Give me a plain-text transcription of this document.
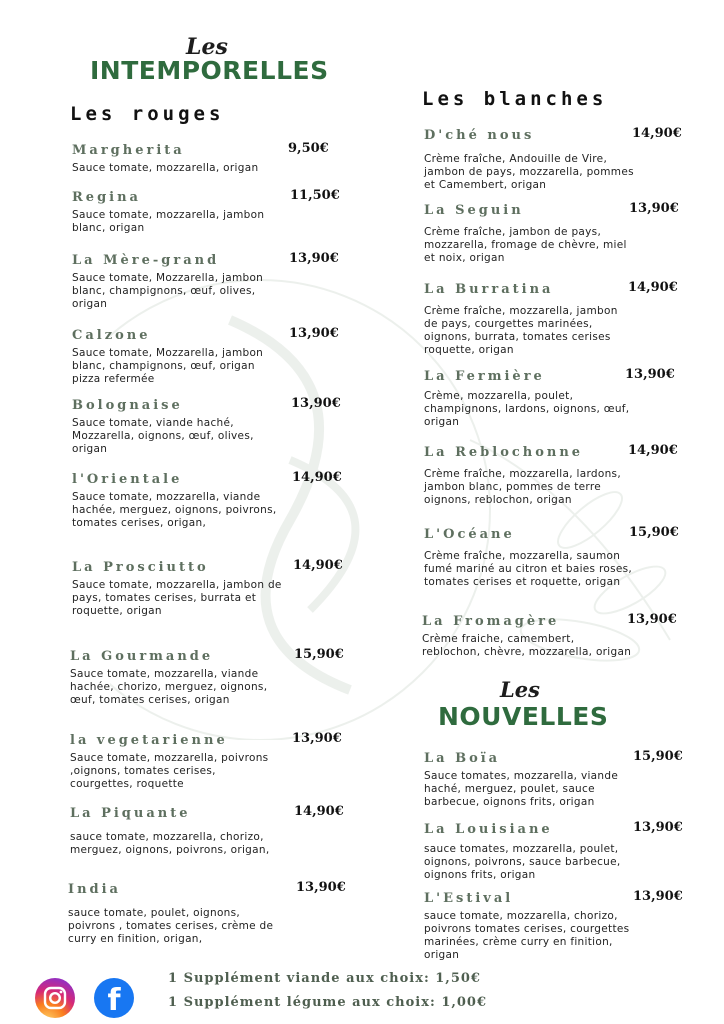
Les
INTEMPORELLES
Les rouges
Les blanches
Les
NOUVELLES
Margherita
Sauce tomate, mozzarella, origan
9,50€
Regina
Sauce tomate, mozzarella, jambon blanc, origan
11,50€
La Mère-grand
Sauce tomate, Mozzarella, jambon blanc, champignons, œuf, olives, origan
13,90€
Calzone
Sauce tomate, Mozzarella, jambon blanc, champignons, œuf, origan pizza refermée
13,90€
Bolognaise
Sauce tomate, viande haché, Mozzarella, oignons, œuf, olives, origan
13,90€
l'Orientale
Sauce tomate, mozzarella, viande hachée, merguez, oignons, poivrons, tomates cerises, origan,
14,90€
La Prosciutto
Sauce tomate, mozzarella, jambon de pays, tomates cerises, burrata et roquette, origan
14,90€
La Gourmande
Sauce tomate, mozzarella, viande hachée, chorizo, merguez, oignons, œuf, tomates cerises, origan
15,90€
la vegetarienne
Sauce tomate, mozzarella, poivrons ,oignons, tomates cerises, courgettes, roquette
13,90€
La Piquante
sauce tomate, mozzarella, chorizo, merguez, oignons, poivrons, origan,
14,90€
India
sauce tomate, poulet, oignons, poivrons , tomates cerises, crème de curry en finition, origan,
13,90€
D'ché nous
Crème fraîche, Andouille de Vire, jambon de pays, mozzarella, pommes et Camembert, origan
14,90€
La Seguin
Crème fraîche, jambon de pays, mozzarella, fromage de chèvre, miel et noix, origan
13,90€
La Burratina
Crème fraîche, mozzarella, jambon de pays, courgettes marinées, oignons, burrata, tomates cerises roquette, origan
14,90€
La Fermière
Crème, mozzarella, poulet, champignons, lardons, oignons, œuf, origan
13,90€
La Reblochonne
Crème fraîche, mozzarella, lardons, jambon blanc, pommes de terre oignons, reblochon, origan
14,90€
L'Océane
Crème fraîche, mozzarella, saumon fumé mariné au citron et baies roses, tomates cerises et roquette, origan
15,90€
La Fromagère
Crème fraiche, camembert, reblochon, chèvre, mozzarella, origan
13,90€
La Boïa
Sauce tomates, mozzarella, viande haché, merguez, poulet, sauce barbecue, oignons frits, origan
15,90€
La Louisiane
sauce tomates, mozzarella, poulet, oignons, poivrons, sauce barbecue, oignons frits, origan
13,90€
L'Estival
sauce tomate, mozzarella, chorizo, poivrons tomates cerises, courgettes marinées, crème curry en finition, origan
13,90€
f
1 Supplément viande aux choix: 1,50€
1 Supplément légume aux choix: 1,00€
